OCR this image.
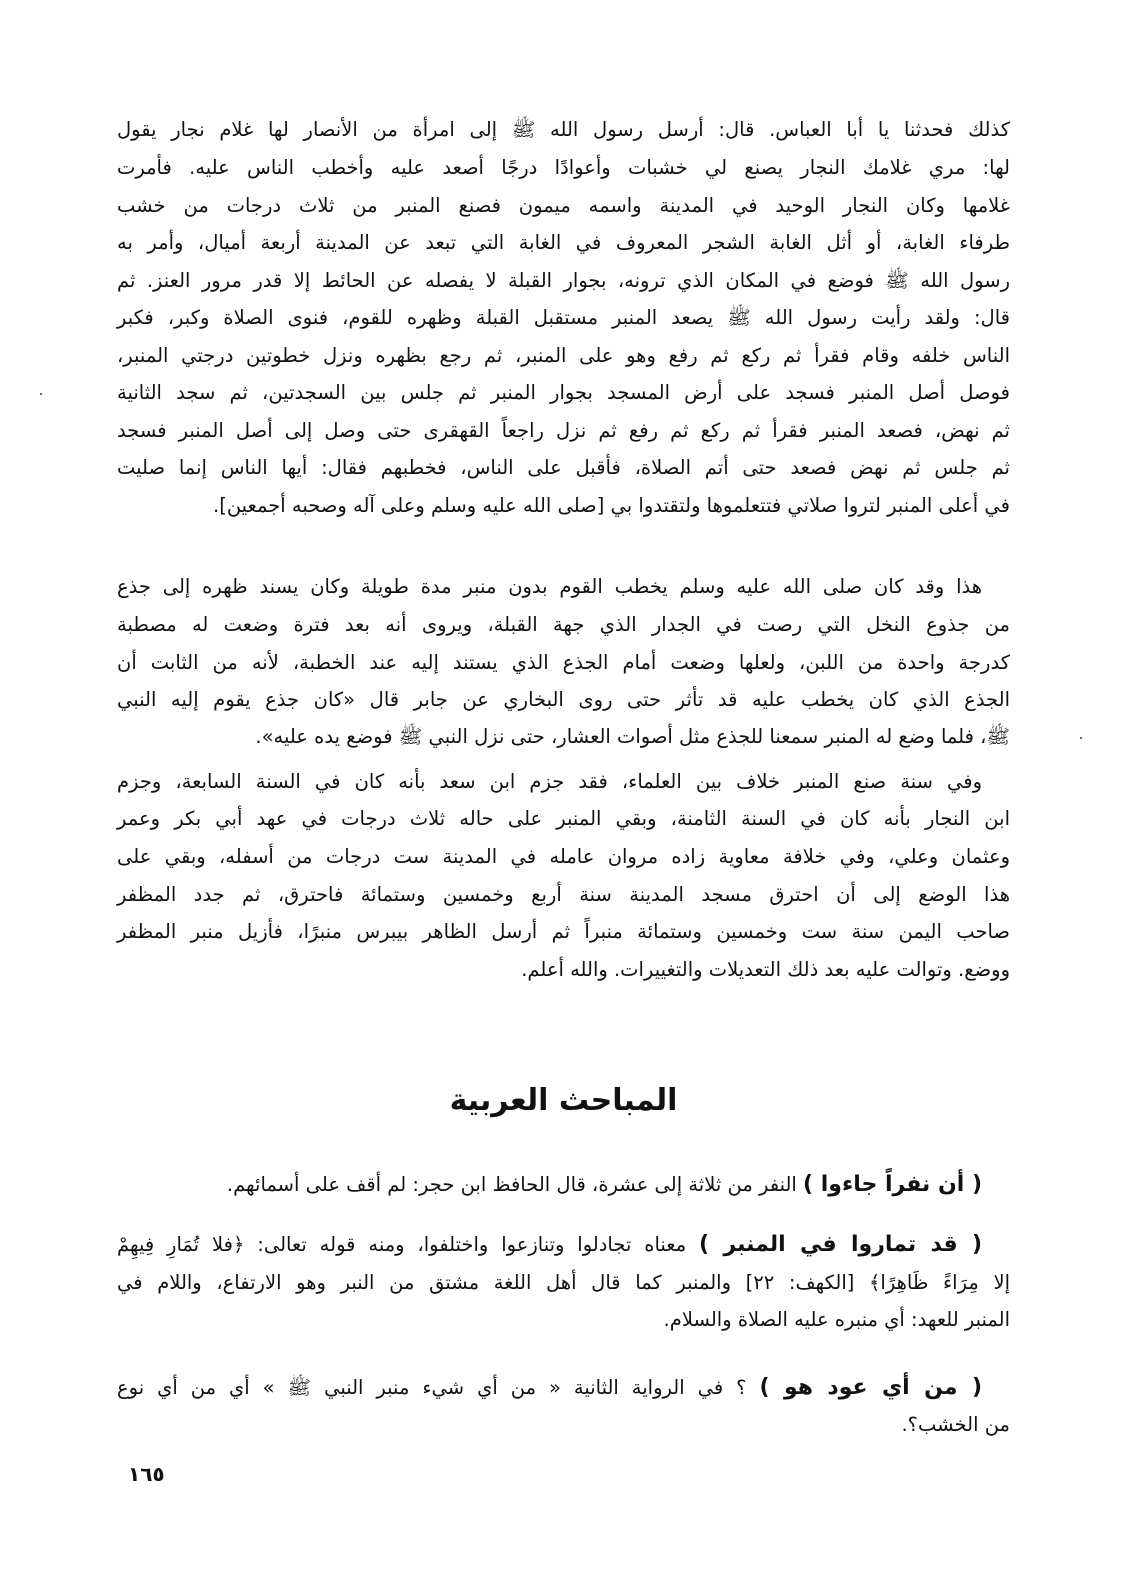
كذلك فحدثنا يا أبا العباس. قال: أرسل رسول الله ﷺ إلى امرأة من الأنصار لها غلام نجار يقول
لها: مري غلامك النجار يصنع لي خشبات وأعوادًا درجًا أصعد عليه وأخطب الناس عليه. فأمرت
غلامها وكان النجار الوحيد في المدينة واسمه ميمون فصنع المنبر من ثلاث درجات من خشب
طرفاء الغابة، أو أثل الغابة الشجر المعروف في الغابة التي تبعد عن المدينة أربعة أميال، وأمر به
رسول الله ﷺ فوضع في المكان الذي ترونه، بجوار القبلة لا يفصله عن الحائط إلا قدر مرور العنز. ثم
قال: ولقد رأيت رسول الله ﷺ يصعد المنبر مستقبل القبلة وظهره للقوم، فنوى الصلاة وكبر، فكبر
الناس خلفه وقام فقرأ ثم ركع ثم رفع وهو على المنبر، ثم رجع بظهره ونزل خطوتين درجتي المنبر،
فوصل أصل المنبر فسجد على أرض المسجد بجوار المنبر ثم جلس بين السجدتين، ثم سجد الثانية
ثم نهض، فصعد المنبر فقرأ ثم ركع ثم رفع ثم نزل راجعاً القهقرى حتى وصل إلى أصل المنبر فسجد
ثم جلس ثم نهض فصعد حتى أتم الصلاة، فأقبل على الناس، فخطبهم فقال: أيها الناس إنما صليت
في أعلى المنبر لتروا صلاتي فتتعلموها ولتقتدوا بي [صلى الله عليه وسلم وعلى آله وصحبه أجمعين].
هذا وقد كان صلى الله عليه وسلم يخطب القوم بدون منبر مدة طويلة وكان يسند ظهره إلى جذع
من جذوع النخل التي رصت في الجدار الذي جهة القبلة، ويروى أنه بعد فترة وضعت له مصطبة
كدرجة واحدة من اللبن، ولعلها وضعت أمام الجذع الذي يستند إليه عند الخطبة، لأنه من الثابت أن
الجذع الذي كان يخطب عليه قد تأثر حتى روى البخاري عن جابر قال «كان جذع يقوم إليه النبي
ﷺ، فلما وضع له المنبر سمعنا للجذع مثل أصوات العشار، حتى نزل النبي ﷺ فوضع يده عليه».
وفي سنة صنع المنبر خلاف بين العلماء، فقد جزم ابن سعد بأنه كان في السنة السابعة، وجزم
ابن النجار بأنه كان في السنة الثامنة، وبقي المنبر على حاله ثلاث درجات في عهد أبي بكر وعمر
وعثمان وعلي، وفي خلافة معاوية زاده مروان عامله في المدينة ست درجات من أسفله، وبقي على
هذا الوضع إلى أن احترق مسجد المدينة سنة أربع وخمسين وستمائة فاحترق، ثم جدد المظفر
صاحب اليمن سنة ست وخمسين وستمائة منبراً ثم أرسل الظاهر بيبرس منبرًا، فأزيل منبر المظفر
ووضع. وتوالت عليه بعد ذلك التعديلات والتغييرات. والله أعلم.
المباحث العربية
( أن نفراً جاءوا ) النفر من ثلاثة إلى عشرة، قال الحافظ ابن حجر: لم أقف على أسمائهم.
( قد تماروا في المنبر ) معناه تجادلوا وتنازعوا واختلفوا، ومنه قوله تعالى: ﴿فلا تُمَارِ فِيهِمْ
إلا مِرَاءً ظَاهِرًا﴾ [الكهف: ٢٢] والمنبر كما قال أهل اللغة مشتق من النبر وهو الارتفاع، واللام في
المنبر للعهد: أي منبره عليه الصلاة والسلام.
( من أي عود هو ) ؟ في الرواية الثانية « من أي شيء منبر النبي ﷺ » أي من أي نوع
من الخشب؟.
١٦٥
